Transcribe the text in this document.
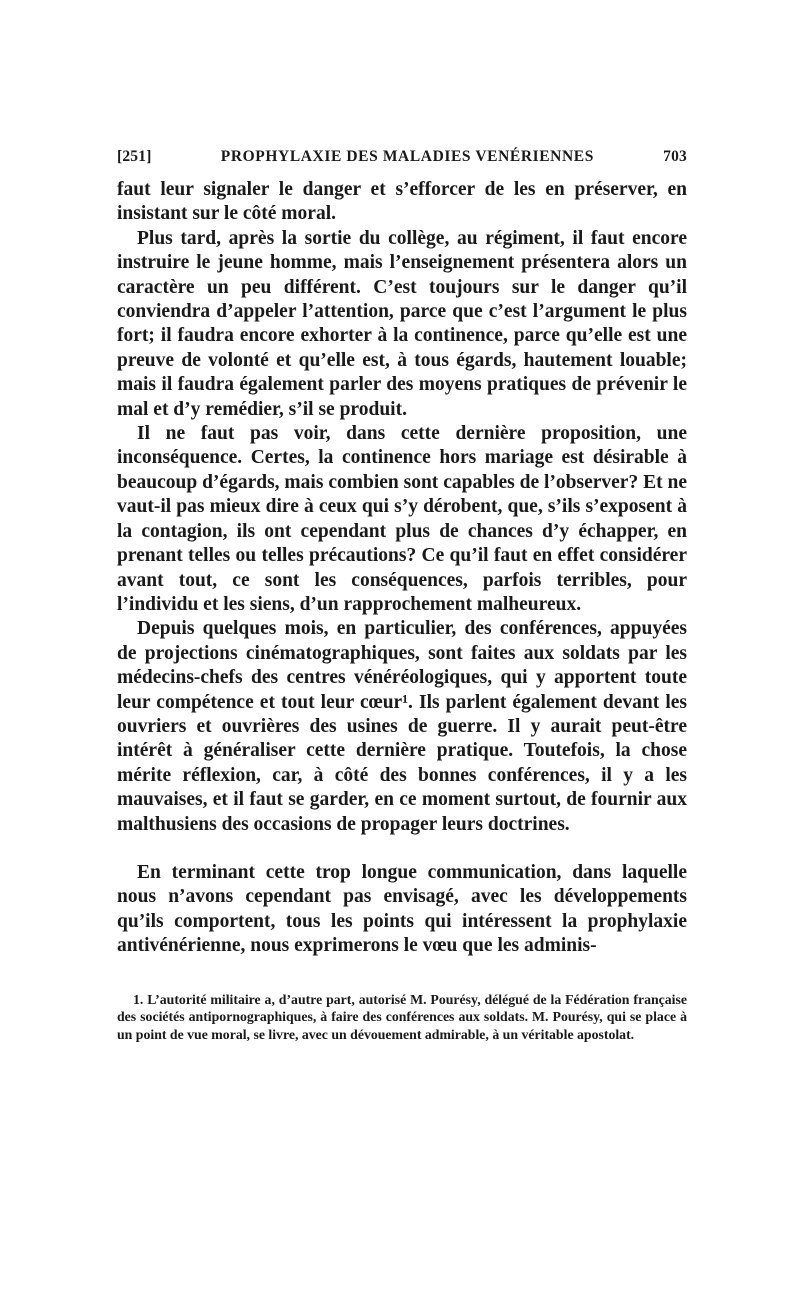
[251]	PROPHYLAXIE DES MALADIES VENÉRIENNES	703

faut leur signaler le danger et s’efforcer de les en préserver, en insistant sur le côté moral.

Plus tard, après la sortie du collège, au régiment, il faut encore instruire le jeune homme, mais l’enseignement présentera alors un caractère un peu différent. C’est toujours sur le danger qu’il conviendra d’appeler l’attention, parce que c’est l’argument le plus fort; il faudra encore exhorter à la continence, parce qu’elle est une preuve de volonté et qu’elle est, à tous égards, hautement louable; mais il faudra également parler des moyens pratiques de prévenir le mal et d’y remédier, s’il se produit.

Il ne faut pas voir, dans cette dernière proposition, une inconséquence. Certes, la continence hors mariage est désirable à beaucoup d’égards, mais combien sont capables de l’observer? Et ne vaut-il pas mieux dire à ceux qui s’y dérobent, que, s’ils s’exposent à la contagion, ils ont cependant plus de chances d’y échapper, en prenant telles ou telles précautions? Ce qu’il faut en effet considérer avant tout, ce sont les conséquences, parfois terribles, pour l’individu et les siens, d’un rapprochement malheureux.

Depuis quelques mois, en particulier, des conférences, appuyées de projections cinématographiques, sont faites aux soldats par les médecins-chefs des centres vénéréologiques, qui y apportent toute leur compétence et tout leur cœur¹. Ils parlent également devant les ouvriers et ouvrières des usines de guerre. Il y aurait peut-être intérêt à généraliser cette dernière pratique. Toutefois, la chose mérite réflexion, car, à côté des bonnes conférences, il y a les mauvaises, et il faut se garder, en ce moment surtout, de fournir aux malthusiens des occasions de propager leurs doctrines.

En terminant cette trop longue communication, dans laquelle nous n’avons cependant pas envisagé, avec les développements qu’ils comportent, tous les points qui intéressent la prophylaxie antivénérienne, nous exprimerons le vœu que les adminis-

1. L’autorité militaire a, d’autre part, autorisé M. Pourésy, délégué de la Fédération française des sociétés antipornographiques, à faire des conférences aux soldats. M. Pourésy, qui se place à un point de vue moral, se livre, avec un dévouement admirable, à un véritable apostolat.
